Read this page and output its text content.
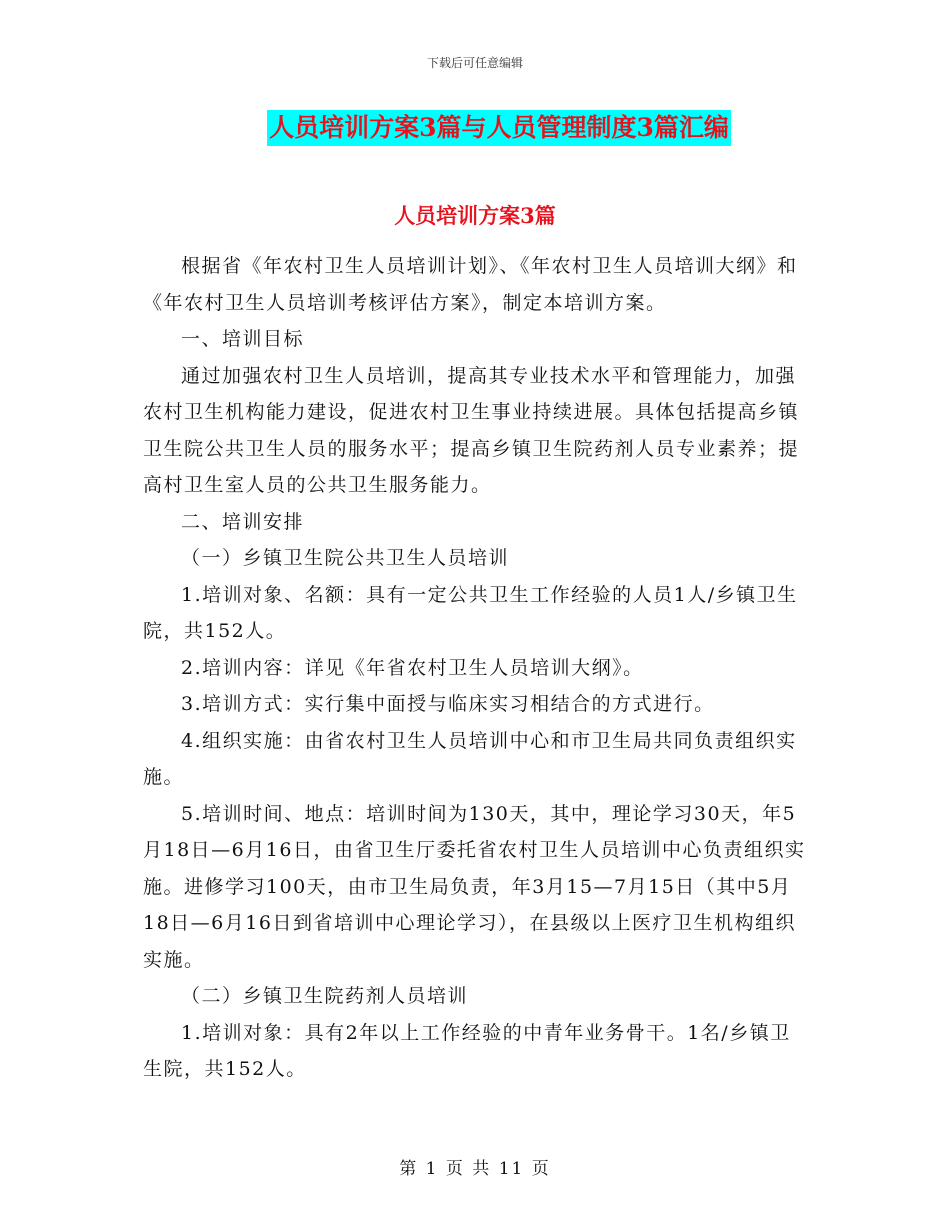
下载后可任意编辑
人员培训方案3篇与人员管理制度3篇汇编
人员培训方案3篇

根据省《年农村卫生人员培训计划》、《年农村卫生人员培训大纲》和《年农村卫生人员培训考核评估方案》，制定本培训方案。

一、培训目标

通过加强农村卫生人员培训，提高其专业技术水平和管理能力，加强农村卫生机构能力建设，促进农村卫生事业持续进展。具体包括提高乡镇卫生院公共卫生人员的服务水平；提高乡镇卫生院药剂人员专业素养；提高村卫生室人员的公共卫生服务能力。

二、培训安排

（一）乡镇卫生院公共卫生人员培训

1.培训对象、名额：具有一定公共卫生工作经验的人员1人/乡镇卫生院，共152人。

2.培训内容：详见《年省农村卫生人员培训大纲》。

3.培训方式：实行集中面授与临床实习相结合的方式进行。

4.组织实施：由省农村卫生人员培训中心和市卫生局共同负责组织实施。

5.培训时间、地点：培训时间为130天，其中，理论学习30天，年5月18日—6月16日，由省卫生厅委托省农村卫生人员培训中心负责组织实施。进修学习100天，由市卫生局负责，年3月15—7月15日（其中5月18日—6月16日到省培训中心理论学习），在县级以上医疗卫生机构组织实施。

（二）乡镇卫生院药剂人员培训

1.培训对象：具有2年以上工作经验的中青年业务骨干。1名/乡镇卫生院，共152人。

第 1 页 共 11 页
